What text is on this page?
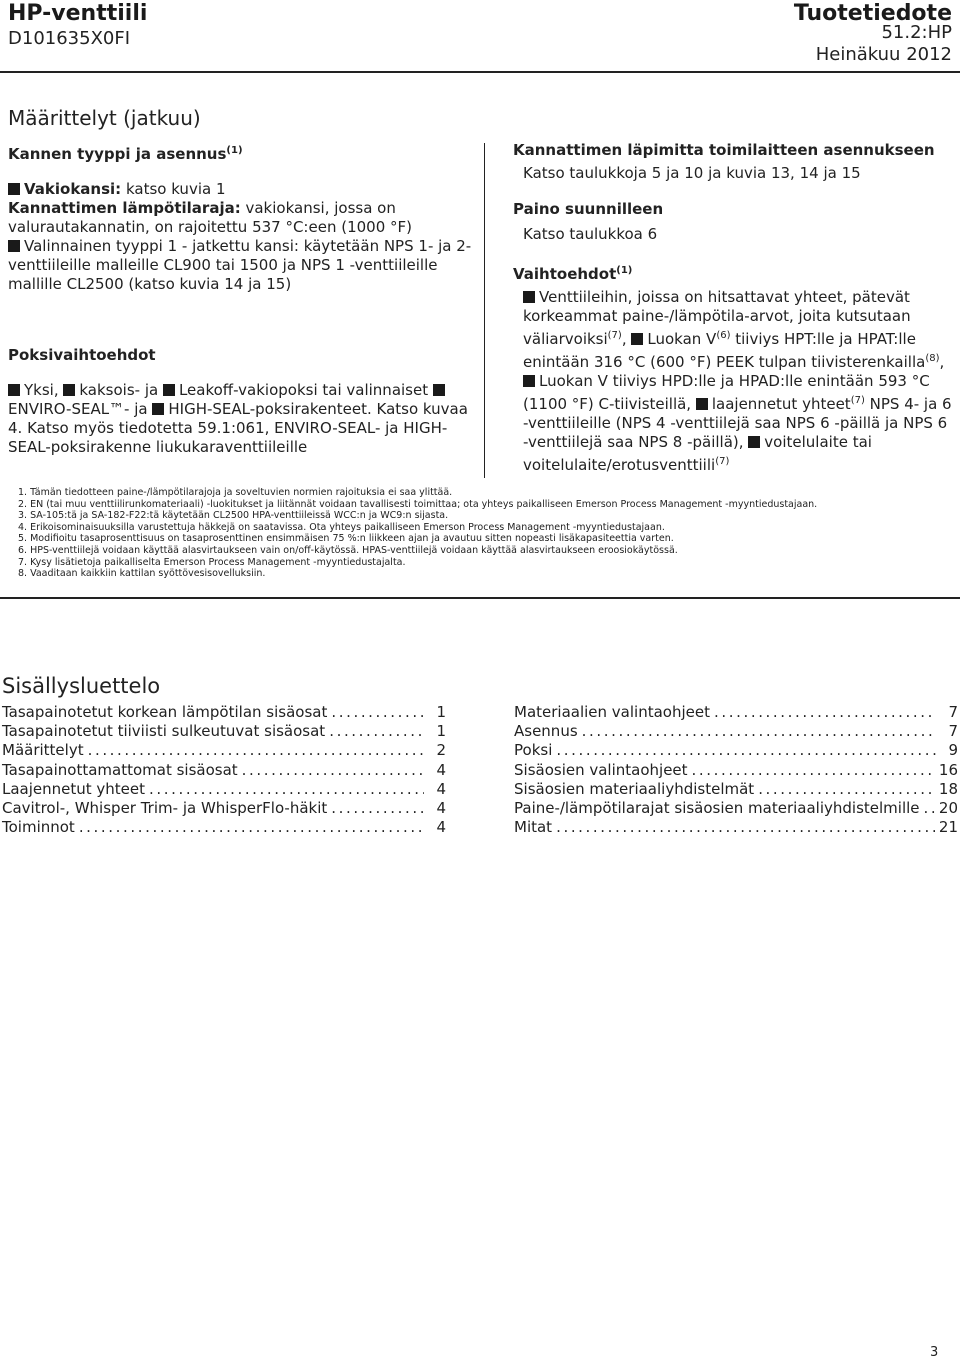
HP-venttiili
D101635X0FI
Tuotetiedote
51.2:HP
Heinäkuu 2012
Määrittelyt (jatkuu)
Kannen tyyppi ja asennus$^{(1)}$

Vakiokansi: katso kuvia 1
Kannattimen lämpötilaraja: vakiokansi, jossa on valurautakannatin, on rajoitettu 537 °C:een (1000 °F)
Valinnainen tyyppi 1 - jatkettu kansi: käytetään NPS 1- ja 2-venttiileille malleille CL900 tai 1500 ja NPS 1 -venttiileille mallille CL2500 (katso kuvia 14 ja 15)

Poksivaihtoehdot

Yksi, kaksois- ja Leakoff-vakiopoksi tai valinnaiset ENVIRO-SEAL™- ja HIGH-SEAL-poksirakenteet. Katso kuvaa 4. Katso myös tiedotetta 59.1:061, ENVIRO-SEAL- ja HIGH-SEAL-poksirakenne liukukaraventtiileille

Kannattimen läpimitta toimilaitteen asennukseen

Katso taulukkoja 5 ja 10 ja kuvia 13, 14 ja 15

Paino suunnilleen

Katso taulukkoa 6

Vaihtoehdot$^{(1)}$

Venttiileihin, joissa on hitsattavat yhteet, pätevät korkeammat paine-/lämpötila-arvot, joita kutsutaan väliarvoiksi$^{(7)}$, Luokan $V^{(6)}$ tiiviys HPT:lle ja HPAT:lle enintään 316 °C (600 °F) PEEK tulpan tiivisterenkailla$^{(8)}$, Luokan V tiiviys HPD:lle ja HPAD:lle enintään 593 °C (1100 °F) C-tiivisteillä, laajennetut yhteet$^{(7)}$ NPS 4- ja 6 -venttiileille (NPS 4 -venttiilejä saa NPS 6 -päillä ja NPS 6 -venttiilejä saa NPS 8 -päillä), voitelulaite tai voitelulaite/erotusventtiili$^{(7)}$

1. Tämän tiedotteen paine-/lämpötilarajoja ja soveltuvien normien rajoituksia ei saa ylittää.
2. EN (tai muu venttiilirunkomateriaali) -luokitukset ja liitännät voidaan tavallisesti toimittaa; ota yhteys paikalliseen Emerson Process Management -myyntiedustajaan.
3. SA-105:tä ja SA-182-F22:tä käytetään CL2500 HPA-venttiileissä WCC:n ja WC9:n sijasta.
4. Erikoisominaisuuksilla varustettuja häkkejä on saatavissa. Ota yhteys paikalliseen Emerson Process Management -myyntiedustajaan.
5. Modifioitu tasaprosenttisuus on tasaprosenttinen ensimmäisen 75 %:n liikkeen ajan ja avautuu sitten nopeasti lisäkapasiteettia varten.
6. HPS-venttiilejä voidaan käyttää alasvirtaukseen vain on/off-käytössä. HPAS-venttiilejä voidaan käyttää alasvirtaukseen eroosiokäytössä.
7. Kysy lisätietoja paikalliselta Emerson Process Management -myyntiedustajalta.
8. Vaaditaan kaikkiin kattilan syöttövesisovelluksiin.
Sisällysluettelo
Tasapainotetut korkean lämpötilan sisäosat .....	1
Tasapainotetut tiiviisti sulkeutuvat sisäosat .....	1
Määrittelyt .....	2
Tasapainottamattomat sisäosat .....	4
Laajennetut yhteet .....	4
Cavitrol-, Whisper Trim- ja WhisperFlo-häkit .....	4
Toiminnot .....	4
Materiaalien valintaohjeet .....	7
Asennus .....	7
Poksi .....	9
Sisäosien valintaohjeet .....	16
Sisäosien materiaaliyhdistelmät .....	18
Paine-/lämpötilarajat sisäosien materiaaliyhdistelmille ..... 20
Mitat .....	21
3
